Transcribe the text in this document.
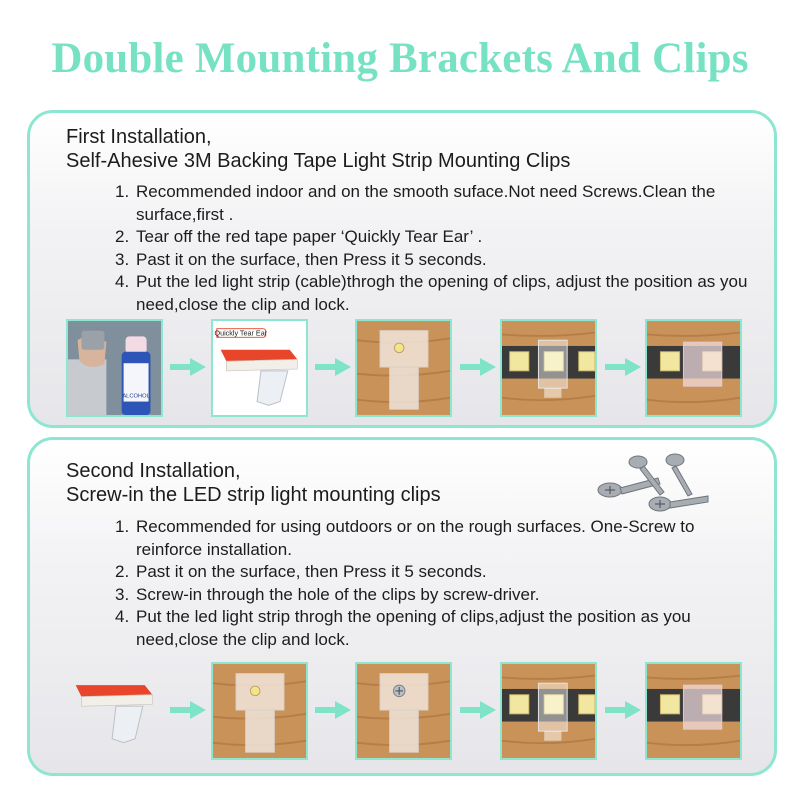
Double Mounting Brackets And Clips
First Installation,
Self-Ahesive 3M Backing Tape Light Strip Mounting Clips
1. Recommended indoor and on the smooth suface.Not need Screws.Clean the surface,first .
2. Tear off the red tape paper ‘Quickly Tear Ear’ .
3. Past it on the surface, then Press it 5 seconds.
4. Put the led light strip (cable)throgh the opening of clips, adjust the position as you need,close the clip and lock.
ALCOHOL
Quickly Tear Ear
Second Installation,
Screw-in the LED strip light mounting clips
1. Recommended for using outdoors or on the rough surfaces. One-Screw to reinforce installation.
2. Past it on the surface, then Press it 5 seconds.
3. Screw-in through the hole of the clips by screw-driver.
4. Put the led light strip throgh the opening of clips,adjust the position as you need,close the clip and lock.
